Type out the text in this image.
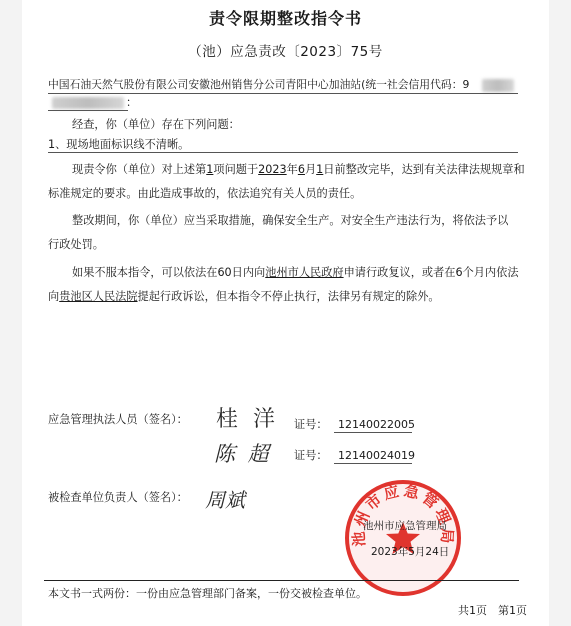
责令限期整改指令书
（池）应急责改〔2023〕75号
中国石油天然气股份有限公司安徽池州销售分公司青阳中心加油站(统一社会信用代码：9
：
经查，你（单位）存在下列问题：
1、现场地面标识线不清晰。
现责令你（单位）对上述第1项问题于2023年6月1日前整改完毕，达到有关法律法规规章和
标准规定的要求。由此造成事故的，依法追究有关人员的责任。
整改期间，你（单位）应当采取措施，确保安全生产。对安全生产违法行为，将依法予以
行政处罚。
如果不服本指令，可以依法在60日内向池州市人民政府申请行政复议，或者在6个月内依法
向贵池区人民法院提起行政诉讼，但本指令不停止执行，法律另有规定的除外。
应急管理执法人员（签名）： 桂 洋 证号： 12140022005
陈 超 证号： 12140024019
被检查单位负责人（签名）： 周斌
池州市应急管理局
池州市应急管理局
2023年5月24日
本文书一式两份：一份由应急管理部门备案，一份交被检查单位。
共1页　第1页
